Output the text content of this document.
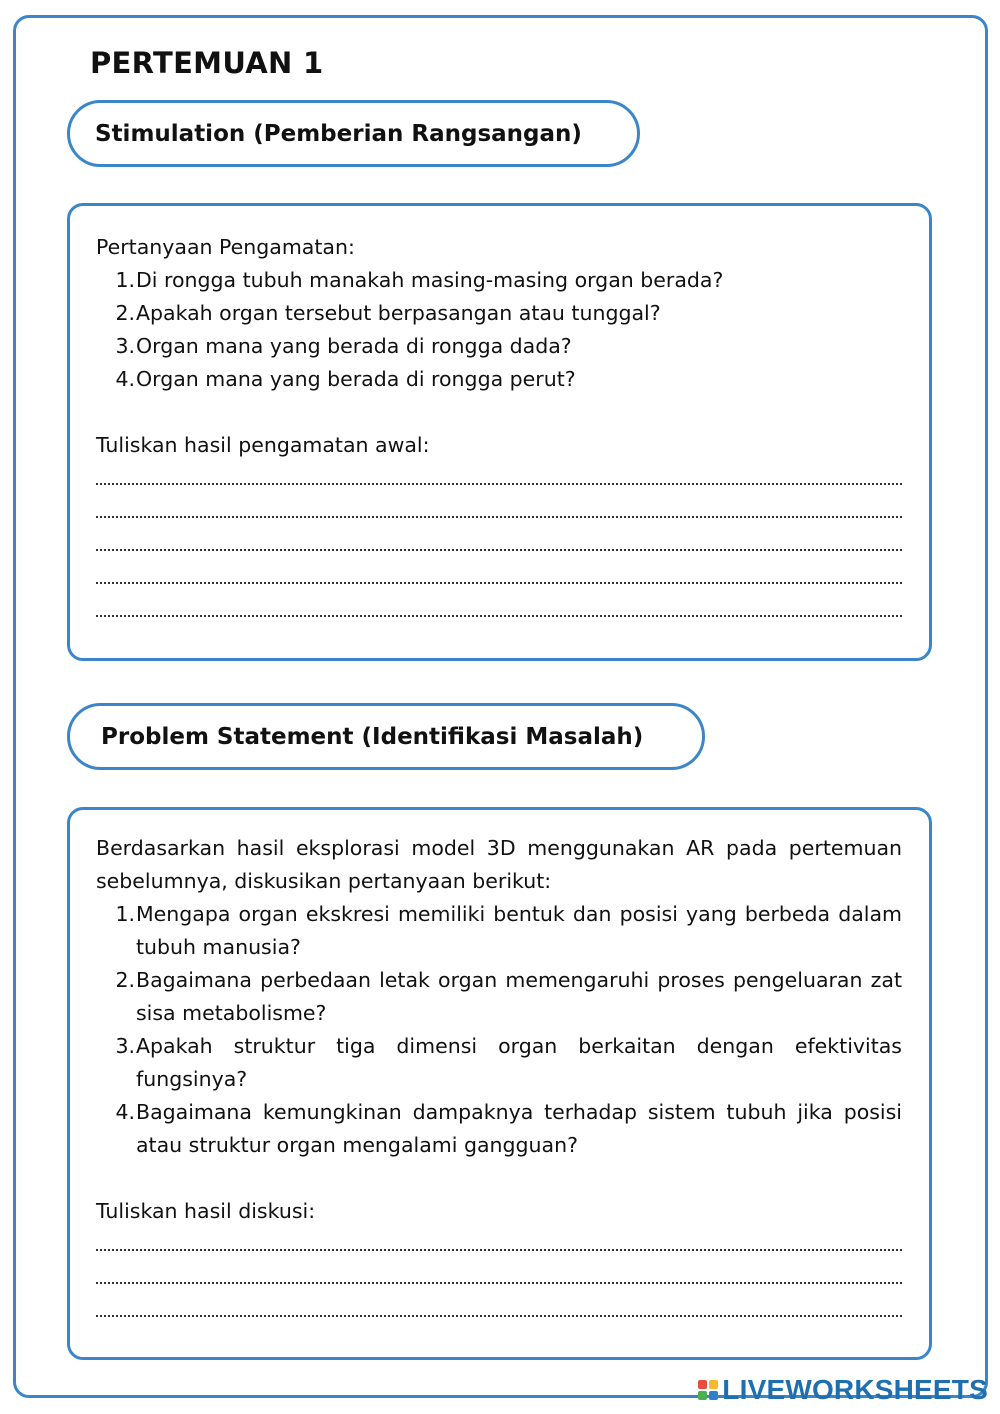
PERTEMUAN 1
Stimulation (Pemberian Rangsangan)
Pertanyaan Pengamatan:
1. Di rongga tubuh manakah masing-masing organ berada?
2. Apakah organ tersebut berpasangan atau tunggal?
3. Organ mana yang berada di rongga dada?
4. Organ mana yang berada di rongga perut?
Tuliskan hasil pengamatan awal:
Problem Statement (Identifikasi Masalah)
Berdasarkan hasil eksplorasi model 3D menggunakan AR pada pertemuan sebelumnya, diskusikan pertanyaan berikut:
1. Mengapa organ ekskresi memiliki bentuk dan posisi yang berbeda dalam tubuh manusia?
2. Bagaimana perbedaan letak organ memengaruhi proses pengeluaran zat sisa metabolisme?
3. Apakah struktur tiga dimensi organ berkaitan dengan efektivitas fungsinya?
4. Bagaimana kemungkinan dampaknya terhadap sistem tubuh jika posisi atau struktur organ mengalami gangguan?
Tuliskan hasil diskusi:
LIVEWORKSHEETS
